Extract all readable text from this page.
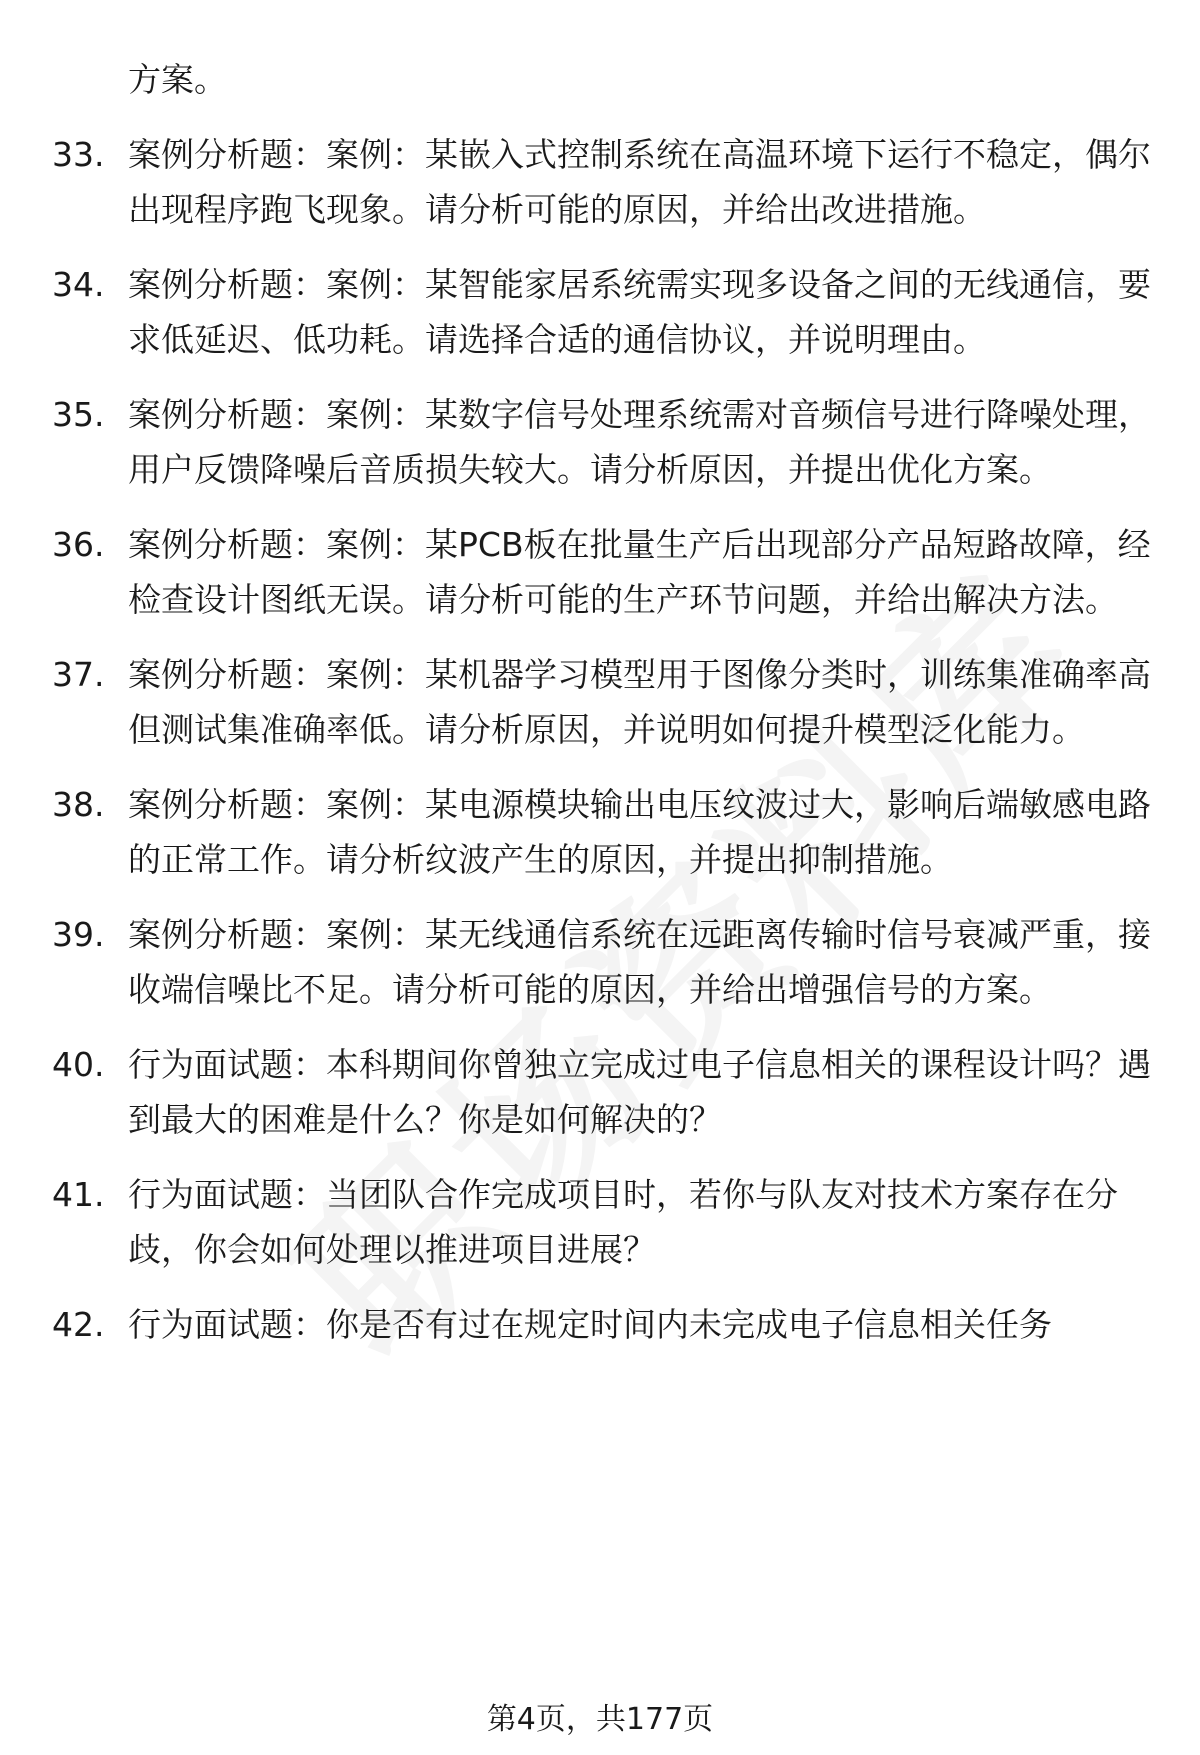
方案。
33. 案例分析题：案例：某嵌入式控制系统在高温环境下运行不稳定，偶尔出现程序跑飞现象。请分析可能的原因，并给出改进措施。
34. 案例分析题：案例：某智能家居系统需实现多设备之间的无线通信，要求低延迟、低功耗。请选择合适的通信协议，并说明理由。
35. 案例分析题：案例：某数字信号处理系统需对音频信号进行降噪处理，用户反馈降噪后音质损失较大。请分析原因，并提出优化方案。
36. 案例分析题：案例：某PCB板在批量生产后出现部分产品短路故障，经检查设计图纸无误。请分析可能的生产环节问题，并给出解决方法。
37. 案例分析题：案例：某机器学习模型用于图像分类时，训练集准确率高但测试集准确率低。请分析原因，并说明如何提升模型泛化能力。
38. 案例分析题：案例：某电源模块输出电压纹波过大，影响后端敏感电路的正常工作。请分析纹波产生的原因，并提出抑制措施。
39. 案例分析题：案例：某无线通信系统在远距离传输时信号衰减严重，接收端信噪比不足。请分析可能的原因，并给出增强信号的方案。
40. 行为面试题：本科期间你曾独立完成过电子信息相关的课程设计吗？遇到最大的困难是什么？你是如何解决的？
41. 行为面试题：当团队合作完成项目时，若你与队友对技术方案存在分歧，你会如何处理以推进项目进展？
42. 行为面试题：你是否有过在规定时间内未完成电子信息相关任务
第4页，共177页
